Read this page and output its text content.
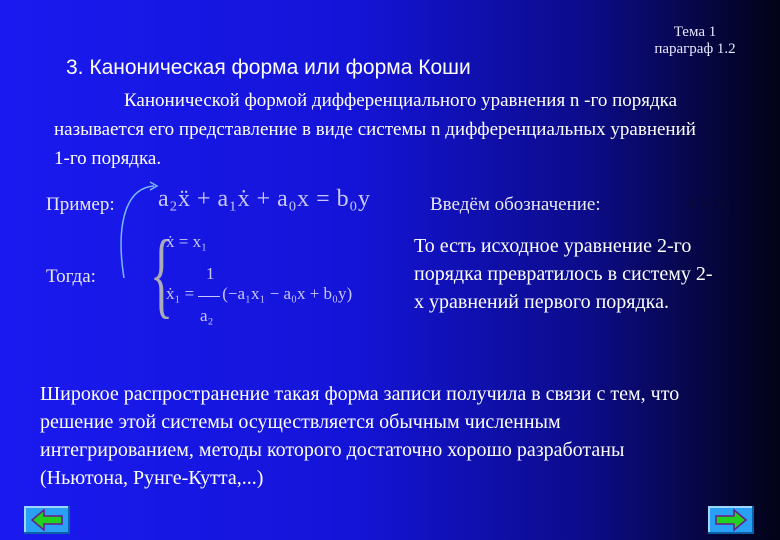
Тема 1
параграф 1.2
3. Каноническая форма или форма Коши
Канонической формой дифференциального уравнения n -го порядка называется его представление в виде системы n дифференциальных уравнений 1-го порядка.
Пример: a₂ẍ + a₁ẋ + a₀x = b₀y	Введём обозначение:	ẋ = x₁
Тогда: {
ẋ = x₁
1
ẋ₁ = (−a₁x₁ − a₀x + b₀y)
a₂
То есть исходное уравнение 2-го порядка превратилось в систему 2-х уравнений первого порядка.
Широкое распространение такая форма записи получила в связи с тем, что решение этой системы осуществляется обычным численным интегрированием, методы которого достаточно хорошо разработаны (Ньютона, Рунге-Кутта,...)
